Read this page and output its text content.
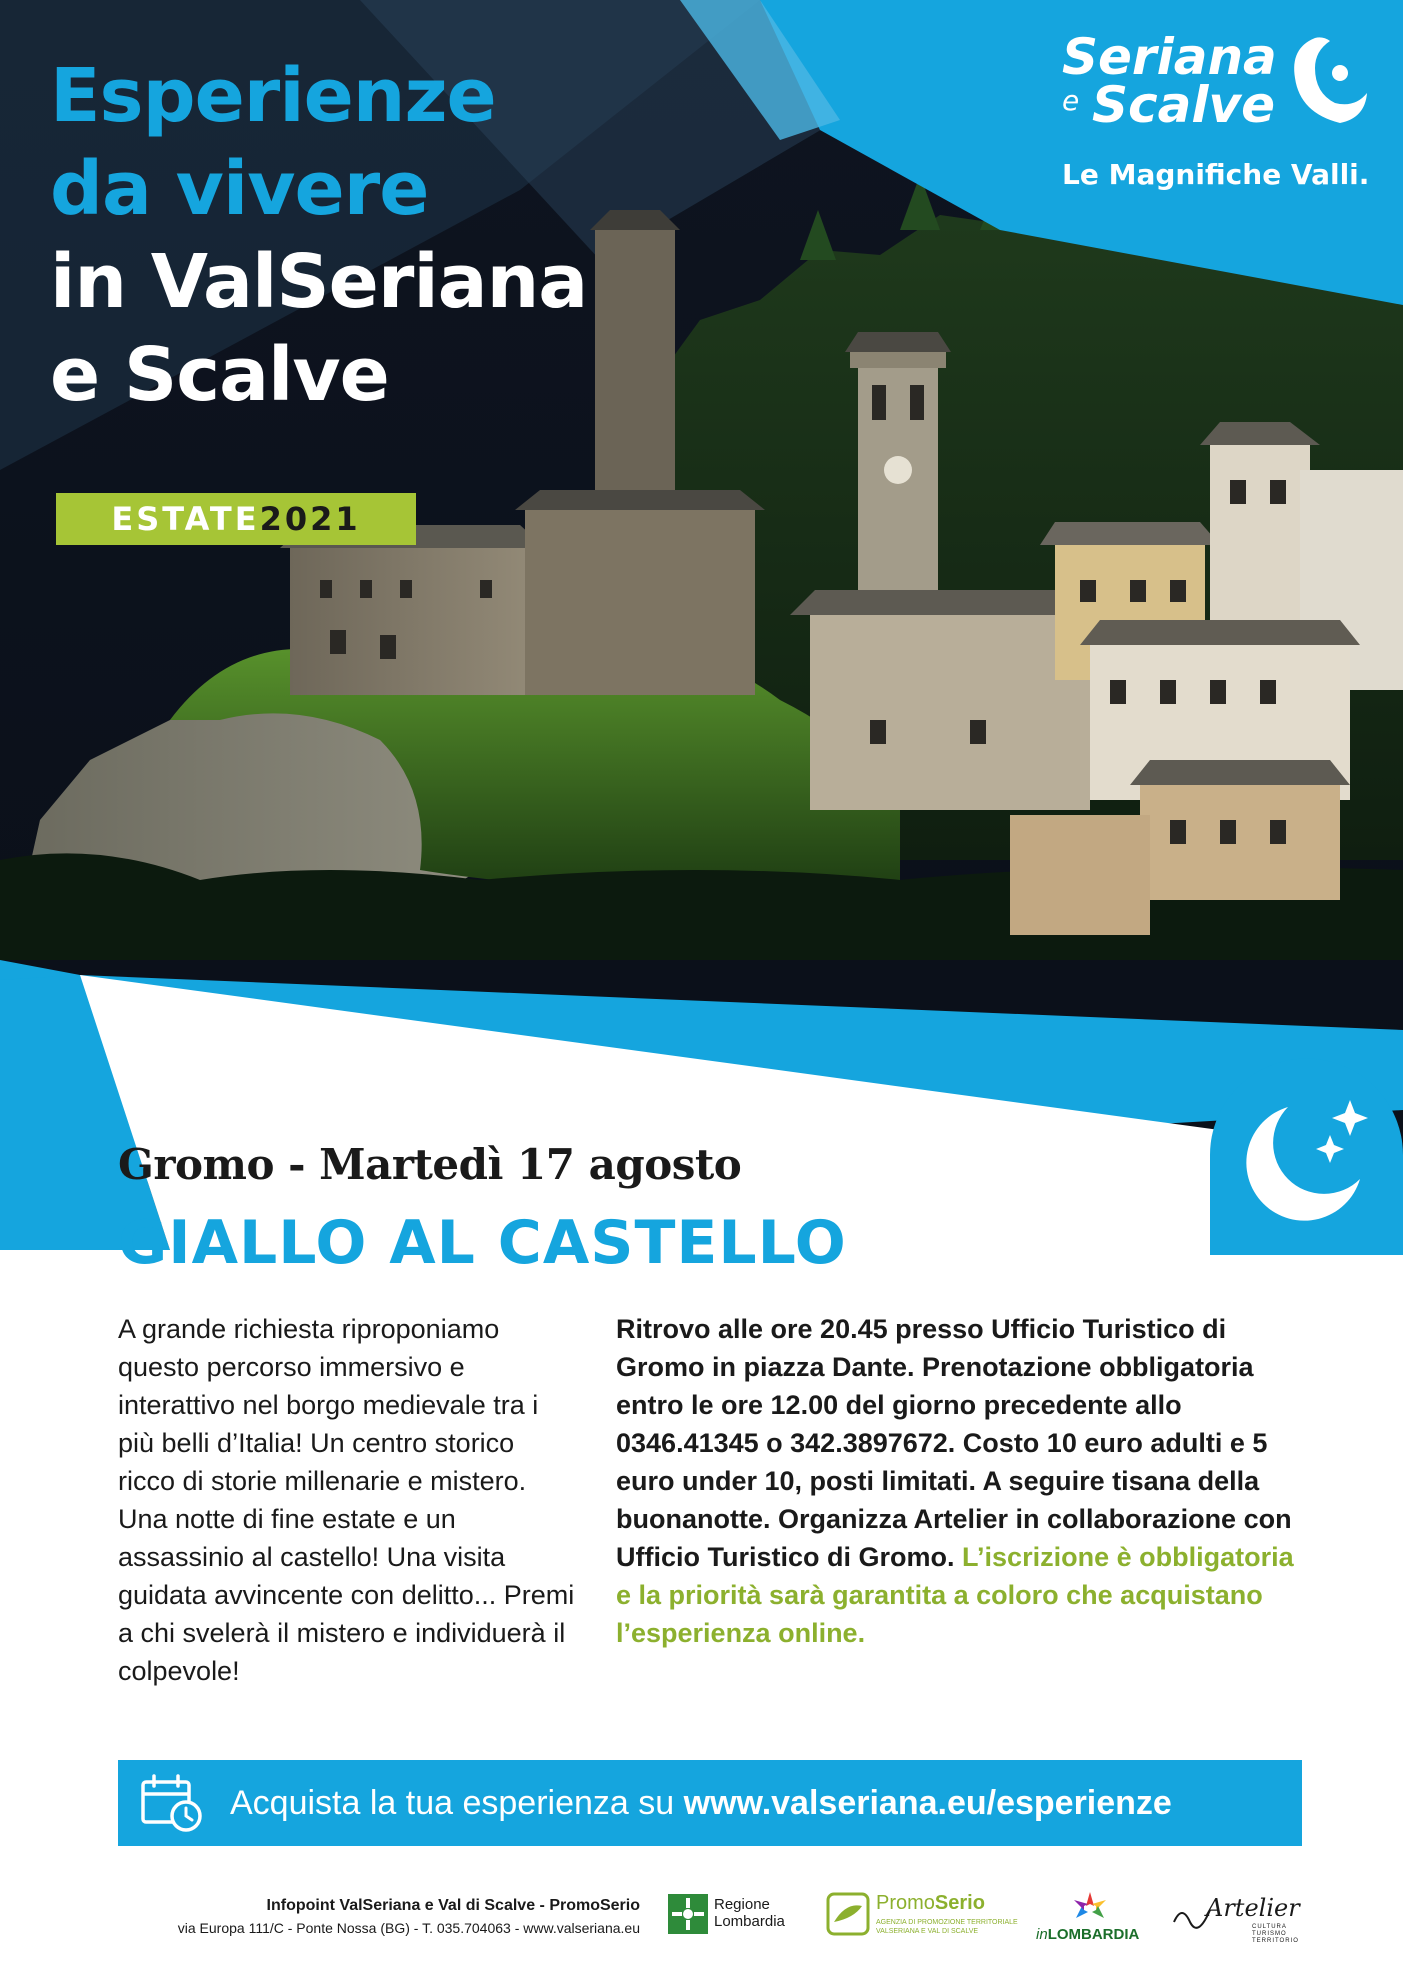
Esperienze
da vivere
in ValSeriana
e Scalve
ESTATE 2021
Seriana
e Scalve
Le Magnifiche Valli.
Gromo - Martedì 17 agosto
GIALLO AL CASTELLO
A grande richiesta riproponiamo questo percorso immersivo e interattivo nel borgo medievale tra i più belli d’Italia! Un centro storico ricco di storie millenarie e mistero. Una notte di fine estate e un assassinio al castello! Una visita guidata avvincente con delitto... Premi a chi svelerà il mistero e individuerà il colpevole!
Ritrovo alle ore 20.45 presso Ufficio Turistico di Gromo in piazza Dante. Prenotazione obbligatoria entro le ore 12.00 del giorno precedente allo 0346.41345 o 342.3897672. Costo 10 euro adulti e 5 euro under 10, posti limitati. A seguire tisana della buonanotte. Organizza Artelier in collaborazione con Ufficio Turistico di Gromo. L’iscrizione è obbligatoria e la priorità sarà garantita a coloro che acquistano l’esperienza online.
Acquista la tua esperienza su www.valseriana.eu/esperienze
Infopoint ValSeriana e Val di Scalve - PromoSerio
via Europa 111/C - Ponte Nossa (BG) - T. 035.704063 - www.valseriana.eu
Regione
Lombardia
PromoSerio
AGENZIA DI PROMOZIONE TERRITORIALE
VALSERIANA E VAL DI SCALVE	inLOMBARDIA
Artelier
CULTURA
TURISMO
TERRITORIO
